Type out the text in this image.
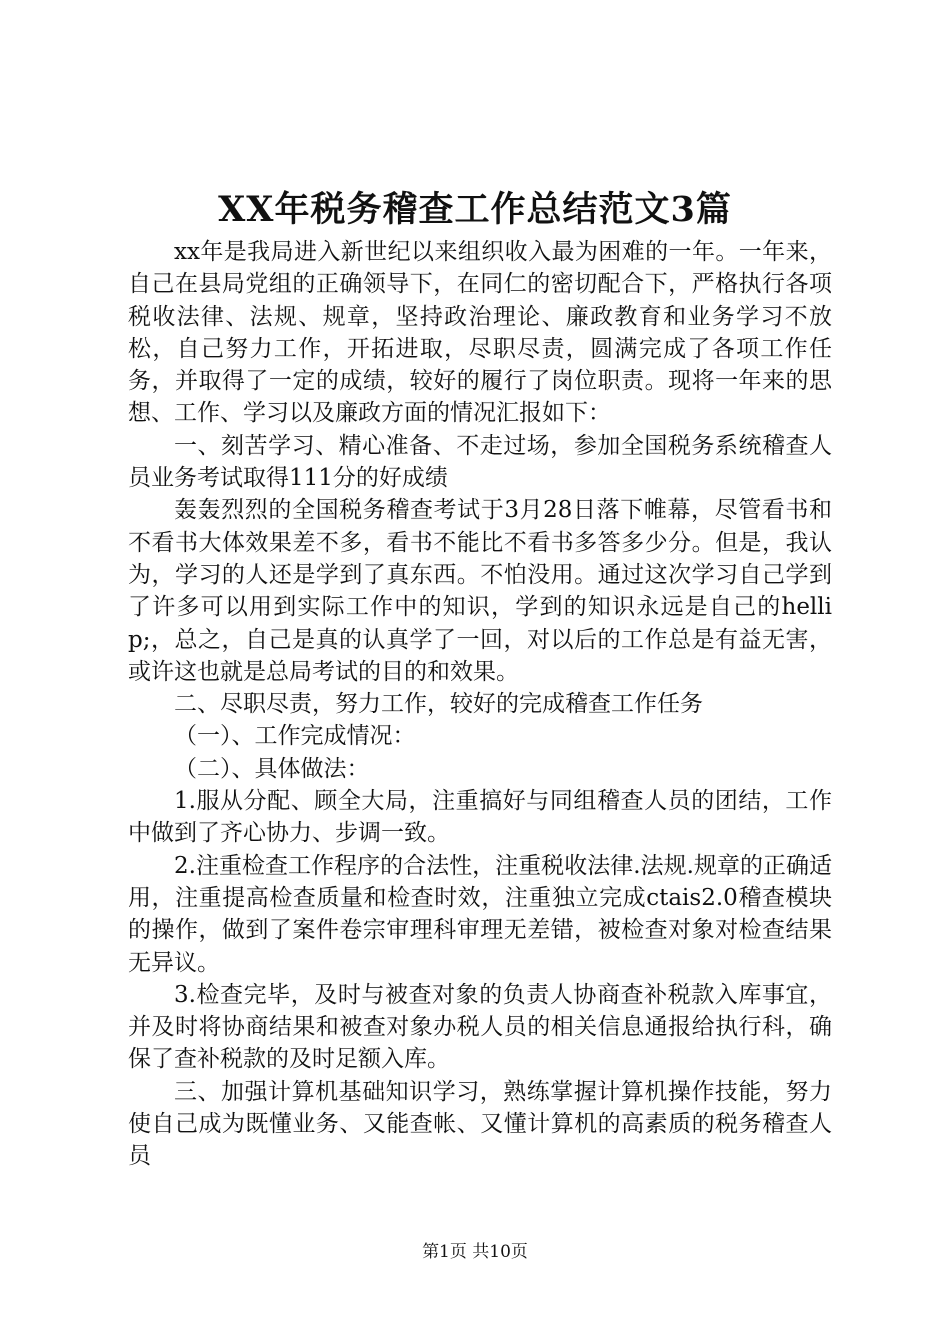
XX年税务稽查工作总结范文3篇

xx年是我局进入新世纪以来组织收入最为困难的一年。一年来，自己在县局党组的正确领导下，在同仁的密切配合下，严格执行各项税收法律、法规、规章，坚持政治理论、廉政教育和业务学习不放松，自己努力工作，开拓进取，尽职尽责，圆满完成了各项工作任务，并取得了一定的成绩，较好的履行了岗位职责。现将一年来的思想、工作、学习以及廉政方面的情况汇报如下：

一、刻苦学习、精心准备、不走过场，参加全国税务系统稽查人员业务考试取得111分的好成绩

轰轰烈烈的全国税务稽查考试于3月28日落下帷幕，尽管看书和不看书大体效果差不多，看书不能比不看书多答多少分。但是，我认为，学习的人还是学到了真东西。不怕没用。通过这次学习自己学到了许多可以用到实际工作中的知识，学到的知识永远是自己的hellip;，总之，自己是真的认真学了一回，对以后的工作总是有益无害，或许这也就是总局考试的目的和效果。

二、尽职尽责，努力工作，较好的完成稽查工作任务

（一）、工作完成情况：

（二）、具体做法：

1.服从分配、顾全大局，注重搞好与同组稽查人员的团结，工作中做到了齐心协力、步调一致。

2.注重检查工作程序的合法性，注重税收法律.法规.规章的正确适用，注重提高检查质量和检查时效，注重独立完成ctais2.0稽查模块的操作，做到了案件卷宗审理科审理无差错，被检查对象对检查结果无异议。

3.检查完毕，及时与被查对象的负责人协商查补税款入库事宜，并及时将协商结果和被查对象办税人员的相关信息通报给执行科，确保了查补税款的及时足额入库。

三、加强计算机基础知识学习，熟练掌握计算机操作技能，努力使自己成为既懂业务、又能查帐、又懂计算机的高素质的税务稽查人员

第1页 共10页
